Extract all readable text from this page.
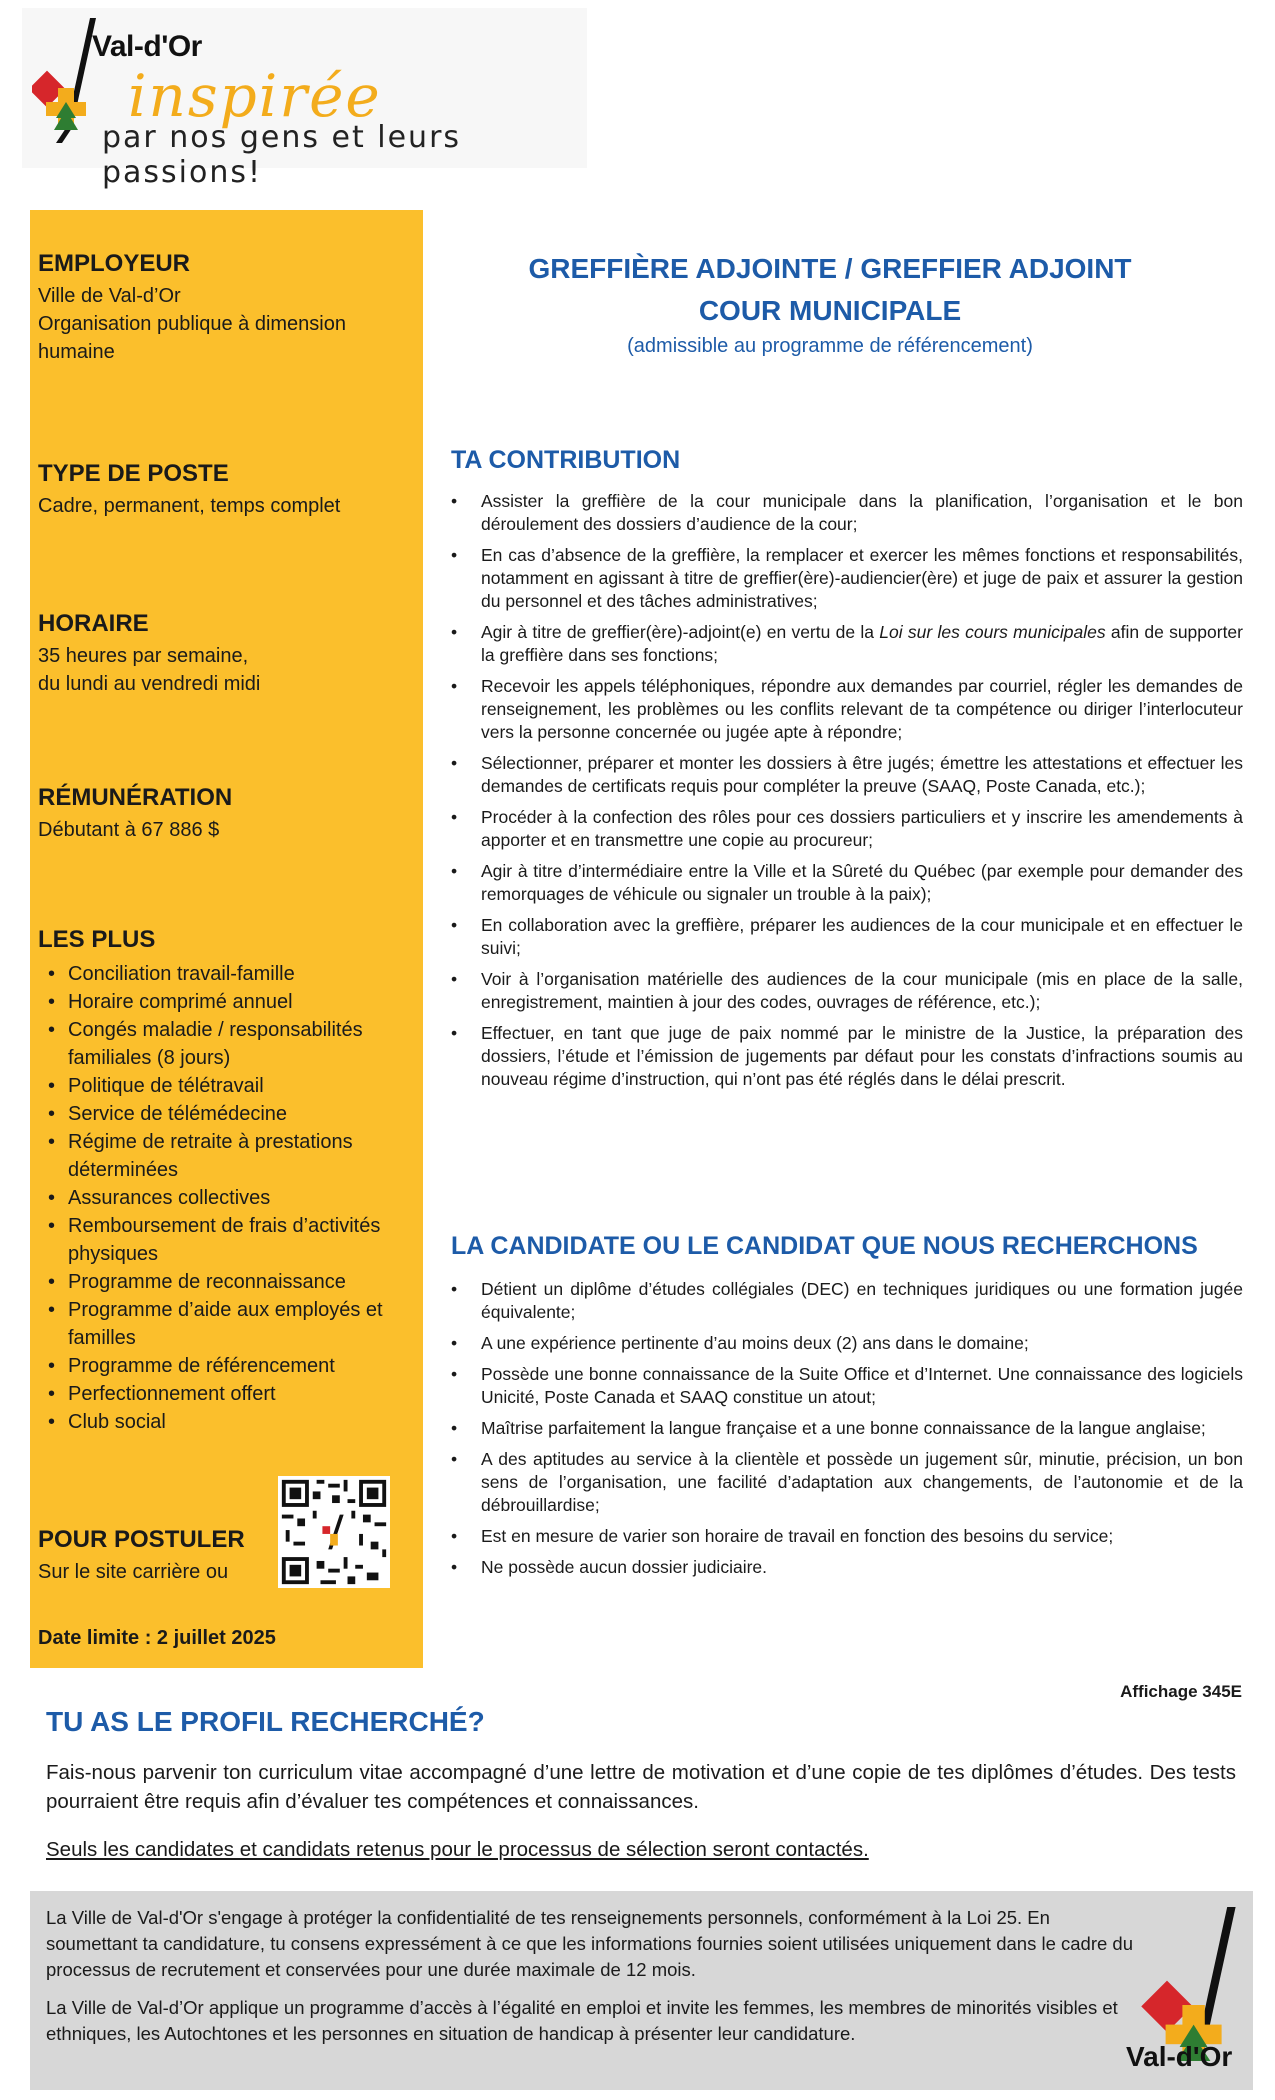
Val-d'Or
inspirée
par nos gens et leurs passions!
EMPLOYEUR

Ville de Val-d’Or

Organisation publique à dimension humaine

TYPE DE POSTE

Cadre, permanent, temps complet

HORAIRE

35 heures par semaine,

du lundi au vendredi midi

RÉMUNÉRATION

Débutant à 67 886 $

LES PLUS
• Conciliation travail-famille
• Horaire comprimé annuel
• Congés maladie / responsabilités familiales (8 jours)
• Politique de télétravail
• Service de télémédecine
• Régime de retraite à prestations déterminées
• Assurances collectives
• Remboursement de frais d’activités physiques
• Programme de reconnaissance
• Programme d’aide aux employés et familles
• Programme de référencement
• Perfectionnement offert
• Club social
POUR POSTULER

Sur le site carrière ou

Date limite : 2 juillet 2025

GREFFIÈRE ADJOINTE / GREFFIER ADJOINT
COUR MUNICIPALE
(admissible au programme de référencement)
TA CONTRIBUTION
• Assister la greffière de la cour municipale dans la planification, l’organisation et le bon déroulement des dossiers d’audience de la cour;
• En cas d’absence de la greffière, la remplacer et exercer les mêmes fonctions et responsabilités, notamment en agissant à titre de greffier(ère)-audiencier(ère) et juge de paix et assurer la gestion du personnel et des tâches administratives;
• Agir à titre de greffier(ère)-adjoint(e) en vertu de la Loi sur les cours municipales afin de supporter la greffière dans ses fonctions;
• Recevoir les appels téléphoniques, répondre aux demandes par courriel, régler les demandes de renseignement, les problèmes ou les conflits relevant de ta compétence ou diriger l’interlocuteur vers la personne concernée ou jugée apte à répondre;
• Sélectionner, préparer et monter les dossiers à être jugés; émettre les attestations et effectuer les demandes de certificats requis pour compléter la preuve (SAAQ, Poste Canada, etc.);
• Procéder à la confection des rôles pour ces dossiers particuliers et y inscrire les amendements à apporter et en transmettre une copie au procureur;
• Agir à titre d’intermédiaire entre la Ville et la Sûreté du Québec (par exemple pour demander des remorquages de véhicule ou signaler un trouble à la paix);
• En collaboration avec la greffière, préparer les audiences de la cour municipale et en effectuer le suivi;
• Voir à l’organisation matérielle des audiences de la cour municipale (mis en place de la salle, enregistrement, maintien à jour des codes, ouvrages de référence, etc.);
• Effectuer, en tant que juge de paix nommé par le ministre de la Justice, la préparation des dossiers, l’étude et l’émission de jugements par défaut pour les constats d’infractions soumis au nouveau régime d’instruction, qui n’ont pas été réglés dans le délai prescrit.
LA CANDIDATE OU LE CANDIDAT QUE NOUS RECHERCHONS
• Détient un diplôme d’études collégiales (DEC) en techniques juridiques ou une formation jugée équivalente;
• A une expérience pertinente d’au moins deux (2) ans dans le domaine;
• Possède une bonne connaissance de la Suite Office et d’Internet. Une connaissance des logiciels Unicité, Poste Canada et SAAQ constitue un atout;
• Maîtrise parfaitement la langue française et a une bonne connaissance de la langue anglaise;
• A des aptitudes au service à la clientèle et possède un jugement sûr, minutie, précision, un bon sens de l’organisation, une facilité d’adaptation aux changements, de l’autonomie et de la débrouillardise;
• Est en mesure de varier son horaire de travail en fonction des besoins du service;
• Ne possède aucun dossier judiciaire.
Affichage 345E
TU AS LE PROFIL RECHERCHÉ?

Fais-nous parvenir ton curriculum vitae accompagné d’une lettre de motivation et d’une copie de tes diplômes d’études. Des tests pourraient être requis afin d’évaluer tes compétences et connaissances.

Seuls les candidates et candidats retenus pour le processus de sélection seront contactés.

La Ville de Val-d'Or s'engage à protéger la confidentialité de tes renseignements personnels, conformément à la Loi 25. En soumettant ta candidature, tu consens expressément à ce que les informations fournies soient utilisées uniquement dans le cadre du processus de recrutement et conservées pour une durée maximale de 12 mois.

La Ville de Val-d’Or applique un programme d’accès à l’égalité en emploi et invite les femmes, les membres de minorités visibles et ethniques, les Autochtones et les personnes en situation de handicap à présenter leur candidature.

Val-d'Or
